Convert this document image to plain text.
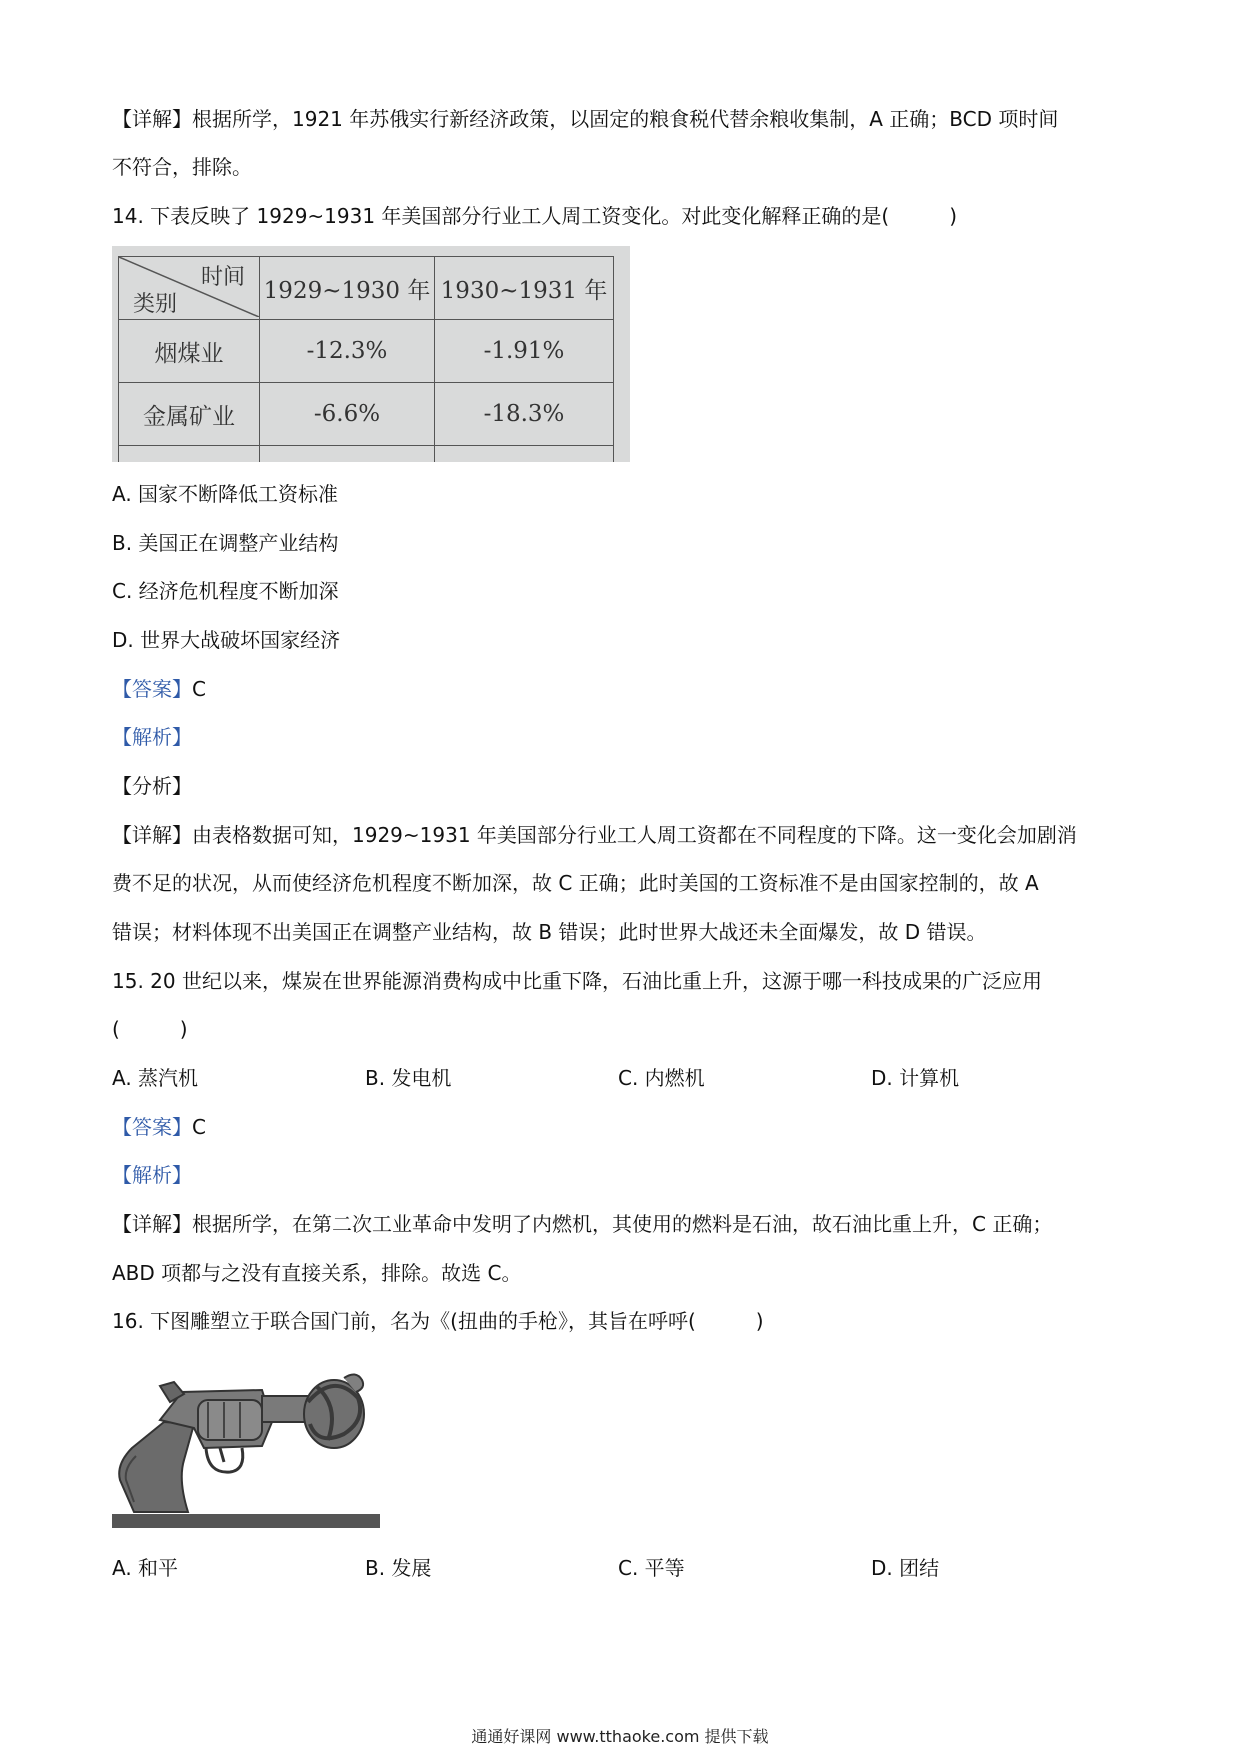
【详解】根据所学，1921 年苏俄实行新经济政策，以固定的粮食税代替余粮收集制，A 正确；BCD 项时间
不符合，排除。
14. 下表反映了 1929~1931 年美国部分行业工人周工资变化。对此变化解释正确的是(　　　)
时间
类别	1929~1930 年	1930~1931 年
烟煤业	-12.3%	-1.91%
金属矿业	-6.6%	-18.3%

A. 国家不断降低工资标准
B. 美国正在调整产业结构
C. 经济危机程度不断加深
D. 世界大战破坏国家经济
【答案】C
【解析】
【分析】
【详解】由表格数据可知，1929~1931 年美国部分行业工人周工资都在不同程度的下降。这一变化会加剧消
费不足的状况，从而使经济危机程度不断加深，故 C 正确；此时美国的工资标准不是由国家控制的，故 A
错误；材料体现不出美国正在调整产业结构，故 B 错误；此时世界大战还未全面爆发，故 D 错误。
15. 20 世纪以来，煤炭在世界能源消费构成中比重下降，石油比重上升，这源于哪一科技成果的广泛应用
(　　　)
A. 蒸汽机	B. 发电机	C. 内燃机	D. 计算机
【答案】C
【解析】
【详解】根据所学，在第二次工业革命中发明了内燃机，其使用的燃料是石油，故石油比重上升，C 正确；
ABD 项都与之没有直接关系，排除。故选 C。
16. 下图雕塑立于联合国门前，名为《(扭曲的手枪》，其旨在呼呼(　　　)
A. 和平	B. 发展	C. 平等	D. 团结
通通好课网 www.tthaoke.com 提供下载
